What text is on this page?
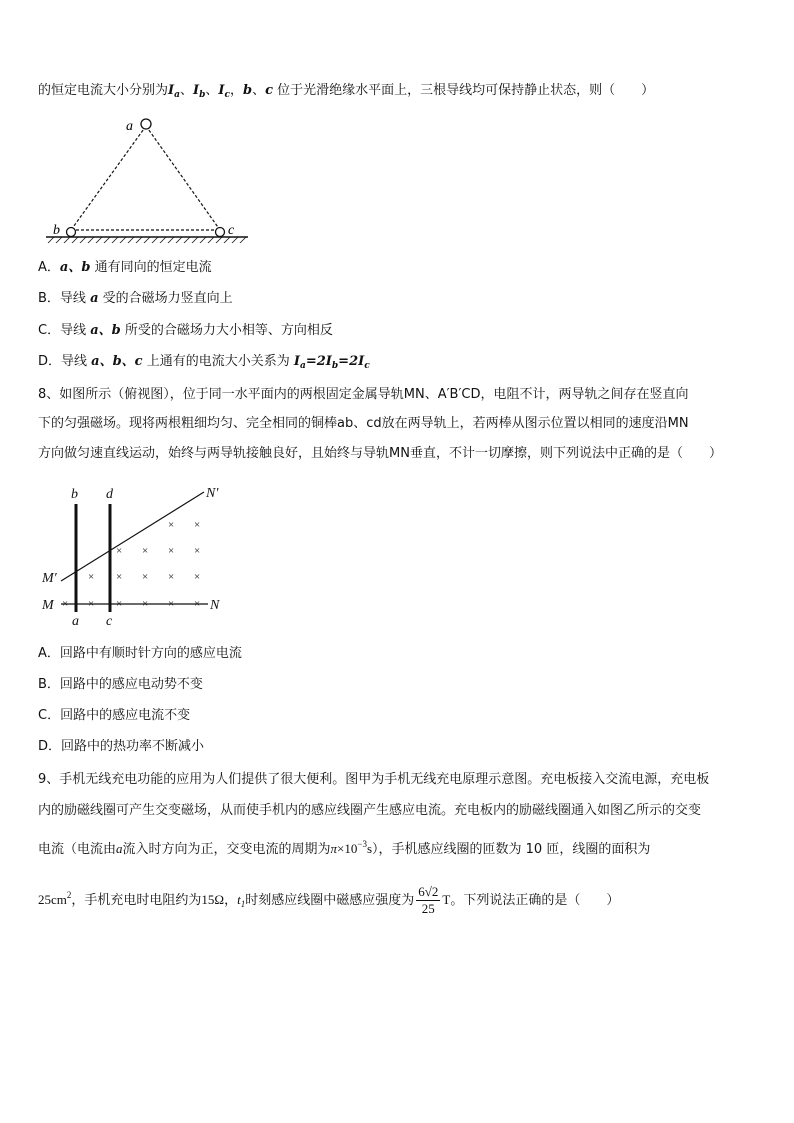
的恒定电流大小分别为$I_a$、$I_b$、$I_c$，b、c 位于光滑绝缘水平面上，三根导线均可保持静止状态，则（　　）
a
b	c
A．a、b 通有同向的恒定电流
B．导线 a 受的合磁场力竖直向上
C．导线 a、b 所受的合磁场力大小相等、方向相反
D．导线 a、b、c 上通有的电流大小关系为 $I_a=2I_b=2I_c$
8、如图所示（俯视图），位于同一水平面内的两根固定金属导轨MN、A′B′CD，电阻不计，两导轨之间存在竖直向
下的匀强磁场。现将两根粗细均匀、完全相同的铜棒ab、cd放在两导轨上，若两棒从图示位置以相同的速度沿MN
方向做匀速直线运动，始终与两导轨接触良好，且始终与导轨MN垂直，不计一切摩擦，则下列说法中正确的是（　　）
× × × × × ×
× × × × ×
× × × ×
× ×
b d	N′
M′
M	N
a c
A．回路中有顺时针方向的感应电流
B．回路中的感应电动势不变
C．回路中的感应电流不变
D．回路中的热功率不断减小
9、手机无线充电功能的应用为人们提供了很大便利。图甲为手机无线充电原理示意图。充电板接入交流电源，充电板
内的励磁线圈可产生交变磁场，从而使手机内的感应线圈产生感应电流。充电板内的励磁线圈通入如图乙所示的交变
电流（电流由a流入时方向为正，交变电流的周期为$\pi\times 10^{-3}s$），手机感应线圈的匝数为 10 匝，线圈的面积为
$25cm^2$，手机充电时电阻约为15Ω，$t_1$时刻感应线圈中磁感应强度为 $\frac{6√2}{25}$ T。下列说法正确的是（　　）
